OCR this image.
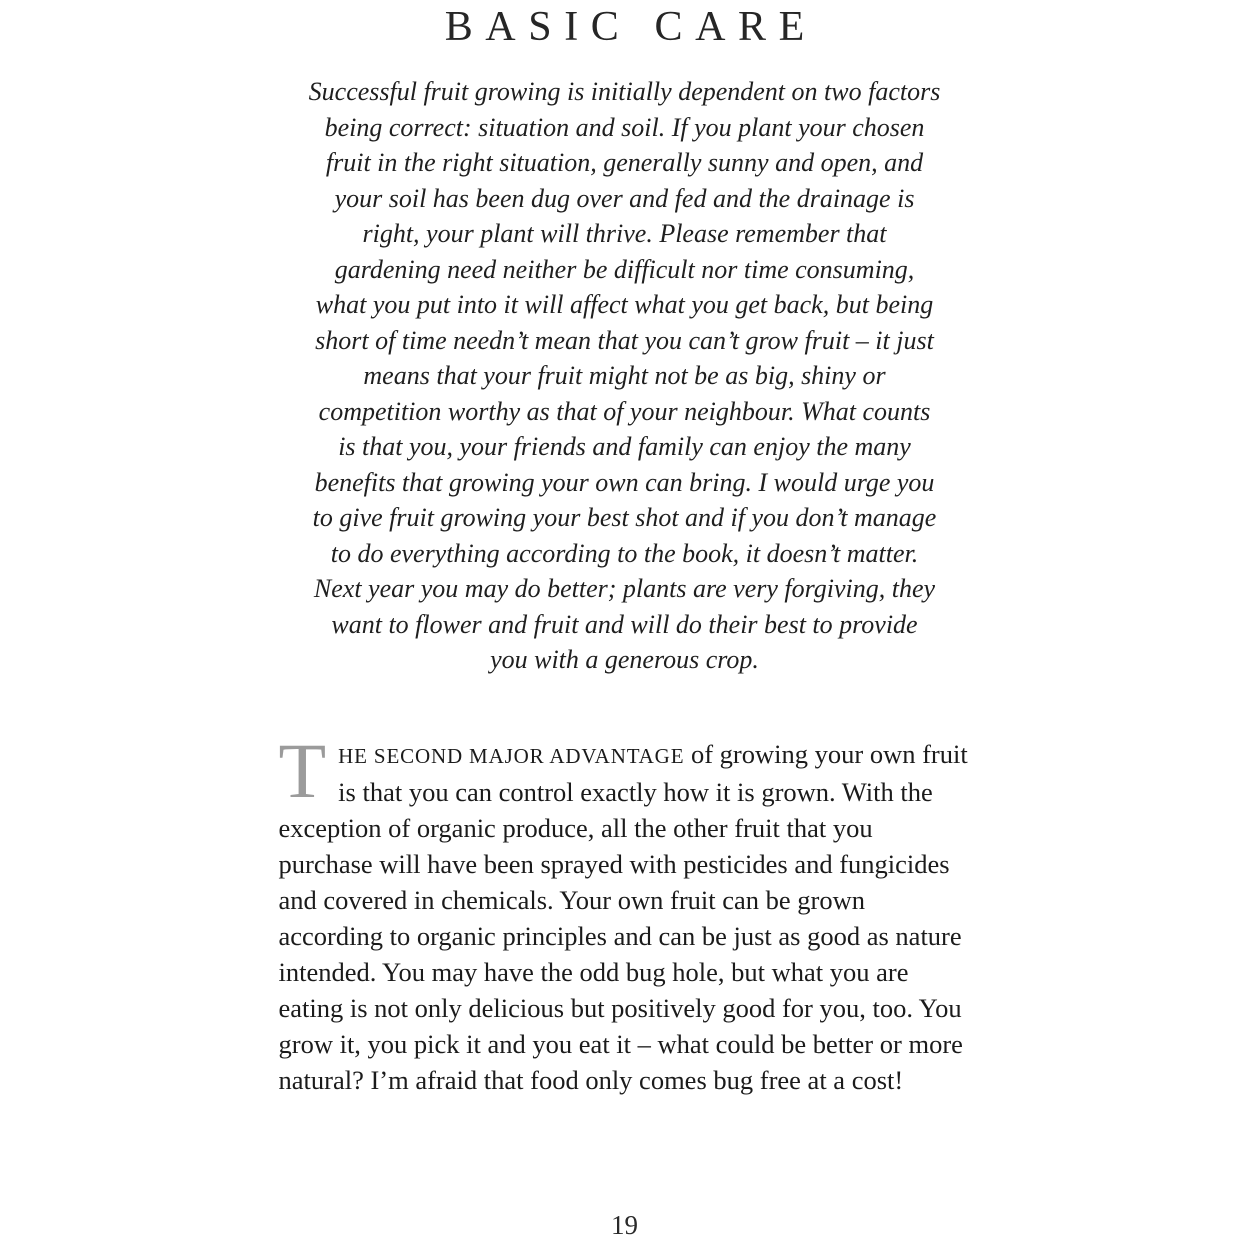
BASIC CARE
Successful fruit growing is initially dependent on two factors
being correct: situation and soil. If you plant your chosen
fruit in the right situation, generally sunny and open, and
your soil has been dug over and fed and the drainage is
right, your plant will thrive. Please remember that
gardening need neither be difficult nor time consuming,
what you put into it will affect what you get back, but being
short of time needn’t mean that you can’t grow fruit – it just
means that your fruit might not be as big, shiny or
competition worthy as that of your neighbour. What counts
is that you, your friends and family can enjoy the many
benefits that growing your own can bring. I would urge you
to give fruit growing your best shot and if you don’t manage
to do everything according to the book, it doesn’t matter.
Next year you may do better; plants are very forgiving, they
want to flower and fruit and will do their best to provide
you with a generous crop.
THE SECOND MAJOR ADVANTAGE of growing your own fruit is that you can control exactly how it is grown. With the exception of organic produce, all the other fruit that you purchase will have been sprayed with pesticides and fungicides and covered in chemicals. Your own fruit can be grown according to organic principles and can be just as good as nature intended. You may have the odd bug hole, but what you are eating is not only delicious but positively good for you, too. You grow it, you pick it and you eat it – what could be better or more natural? I’m afraid that food only comes bug free at a cost!
19
